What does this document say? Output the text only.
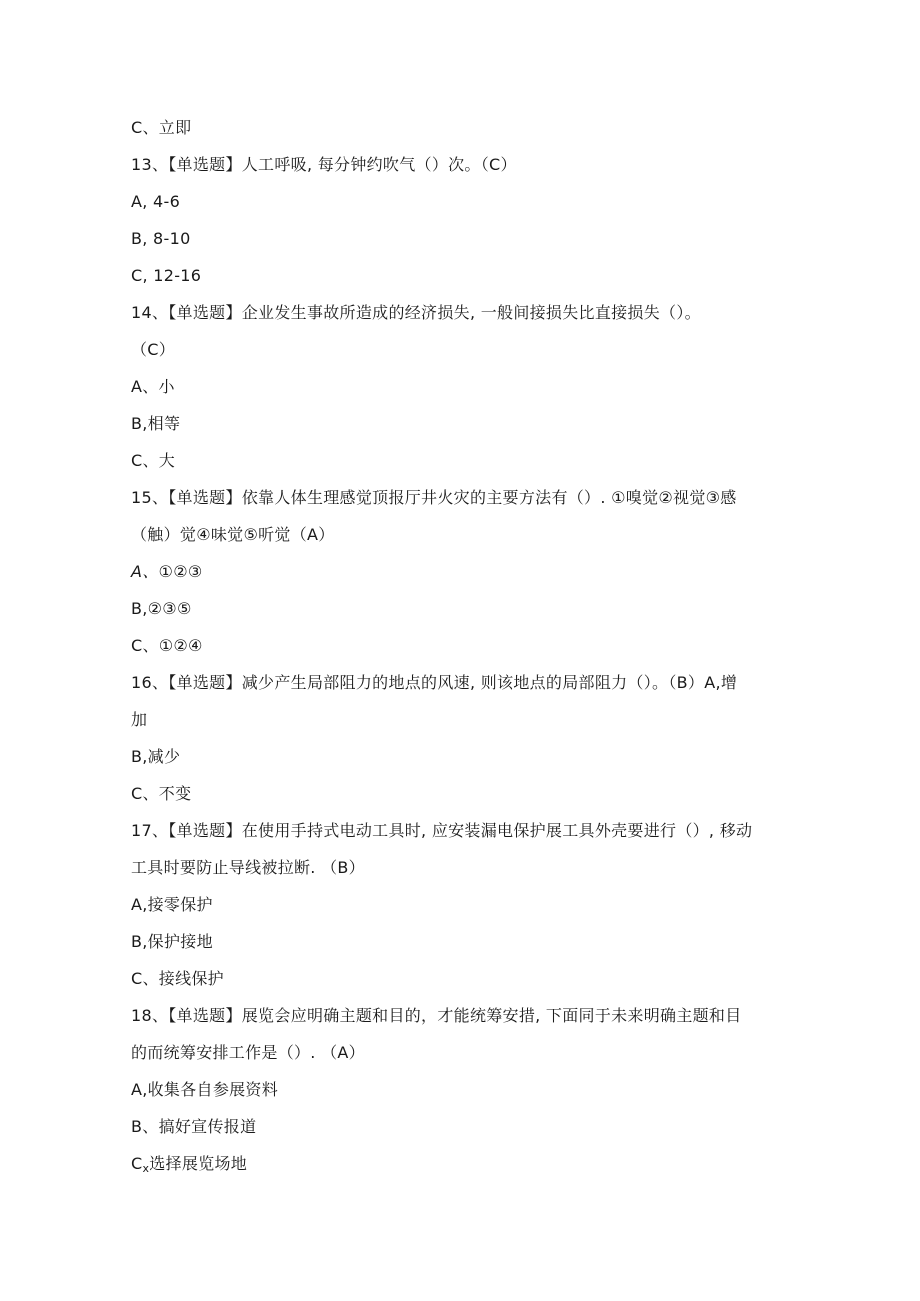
C、立即
13、【单选题】人工呼吸, 每分钟约吹气（）次。（C）
A, 4-6
B, 8-10
C, 12-16
14、【单选题】企业发生事故所造成的经济损失, 一般间接损失比直接损失（）。
（C）
A、小
B,相等
C、大
15、【单选题】依靠人体生理感觉顶报厅井火灾的主要方法有（）. ①嗅觉②视觉③感
（触）觉④味觉⑤听觉（A）
A、①②③
B,②③⑤
C、①②④
16、【单选题】减少产生局部阻力的地点的风速, 则该地点的局部阻力（）。（B）A,增
加
B,减少
C、不变
17、【单选题】在使用手持式电动工具时, 应安装漏电保护展工具外壳要进行（）, 移动
工具时要防止导线被拉断. （B）
A,接零保护
B,保护接地
C、接线保护
18、【单选题】展览会应明确主题和目的，才能统筹安措, 下面同于未来明确主题和目
的而统筹安排工作是（）. （A）
A,收集各自参展资料
B、搞好宣传报道
$C_x$选择展览场地
